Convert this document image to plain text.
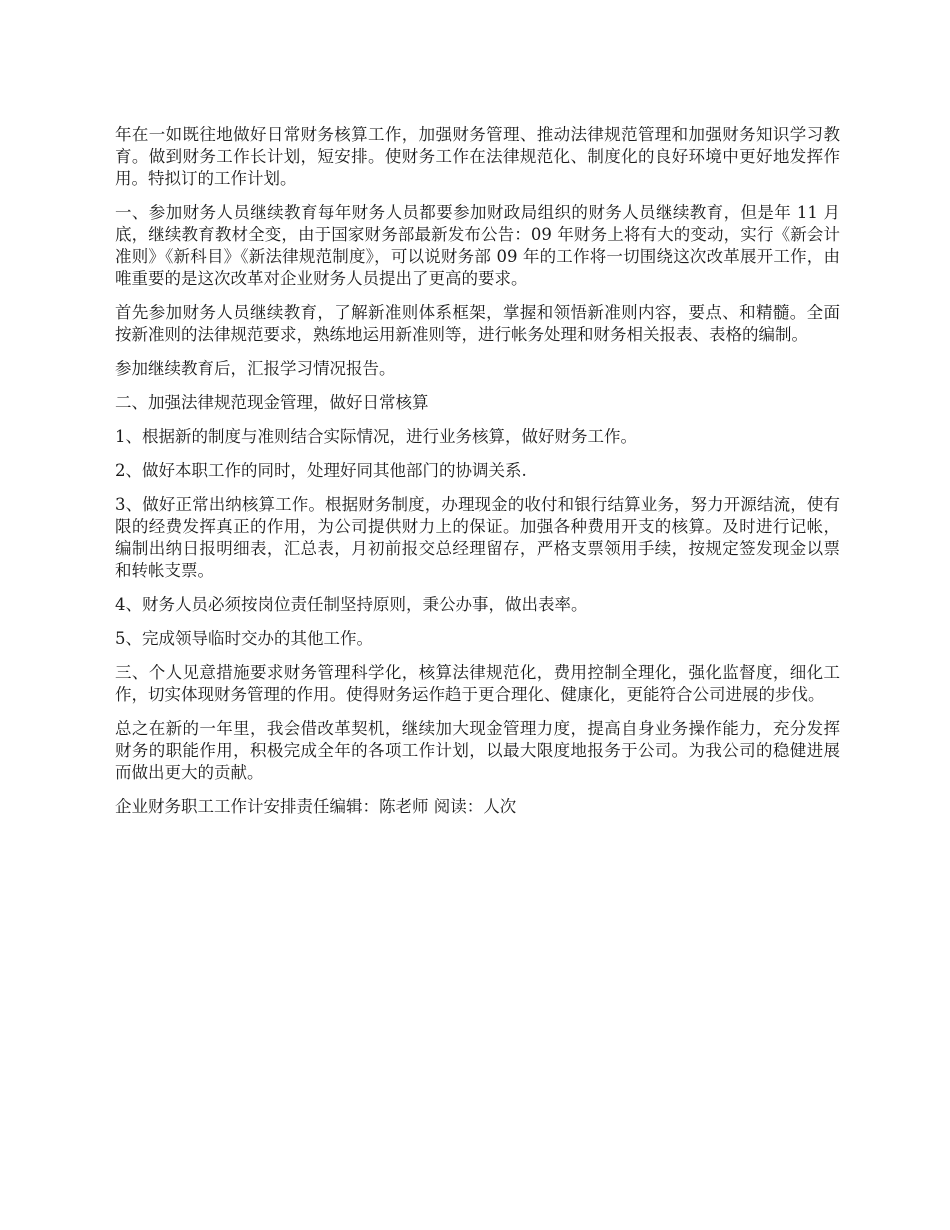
年在一如既往地做好日常财务核算工作，加强财务管理、推动法律规范管理和加强财务知识学习教育。做到财务工作长计划，短安排。使财务工作在法律规范化、制度化的良好环境中更好地发挥作用。特拟订的工作计划。

一、参加财务人员继续教育每年财务人员都要参加财政局组织的财务人员继续教育，但是年 11 月底，继续教育教材全变，由于国家财务部最新发布公告：09 年财务上将有大的变动，实行《新会计准则》《新科目》《新法律规范制度》，可以说财务部 09 年的工作将一切围绕这次改革展开工作，由唯重要的是这次改革对企业财务人员提出了更高的要求。

首先参加财务人员继续教育，了解新准则体系框架，掌握和领悟新准则内容，要点、和精髓。全面按新准则的法律规范要求，熟练地运用新准则等，进行帐务处理和财务相关报表、表格的编制。

参加继续教育后，汇报学习情况报告。

二、加强法律规范现金管理，做好日常核算

1、根据新的制度与准则结合实际情况，进行业务核算，做好财务工作。

2、做好本职工作的同时，处理好同其他部门的协调关系.

3、做好正常出纳核算工作。根据财务制度，办理现金的收付和银行结算业务，努力开源结流，使有限的经费发挥真正的作用，为公司提供财力上的保证。加强各种费用开支的核算。及时进行记帐，编制出纳日报明细表，汇总表，月初前报交总经理留存，严格支票领用手续，按规定签发现金以票和转帐支票。

4、财务人员必须按岗位责任制坚持原则，秉公办事，做出表率。

5、完成领导临时交办的其他工作。

三、个人见意措施要求财务管理科学化，核算法律规范化，费用控制全理化，强化监督度，细化工作，切实体现财务管理的作用。使得财务运作趋于更合理化、健康化，更能符合公司进展的步伐。

总之在新的一年里，我会借改革契机，继续加大现金管理力度，提高自身业务操作能力，充分发挥财务的职能作用，积极完成全年的各项工作计划，以最大限度地报务于公司。为我公司的稳健进展而做出更大的贡献。

企业财务职工工作计安排责任编辑：陈老师 阅读：人次
